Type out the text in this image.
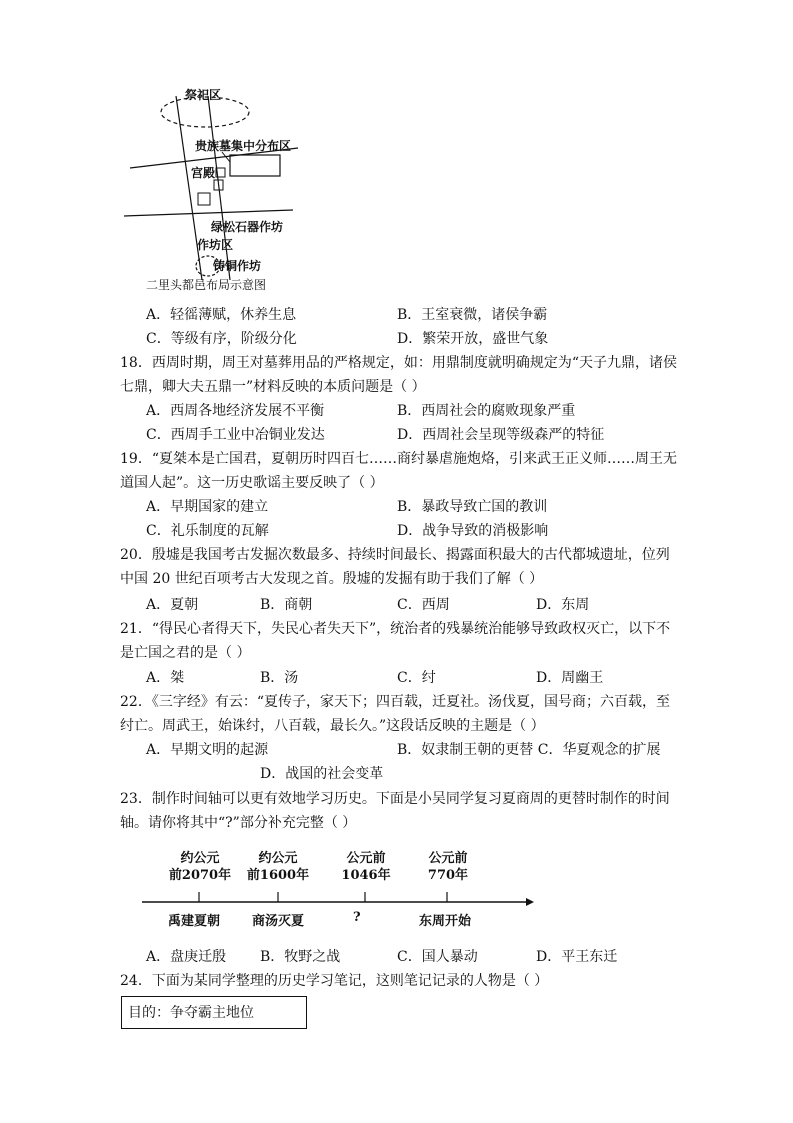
祭祀区
贵族墓集中分布区
宫殿
绿松石器作坊
作坊区
铸铜作坊
二里头都邑布局示意图
A．轻徭薄赋，休养生息	B．王室衰微，诸侯争霸
C．等级有序，阶级分化	D．繁荣开放，盛世气象
18．西周时期，周王对墓葬用品的严格规定，如：用鼎制度就明确规定为“天子九鼎，诸侯
七鼎，卿大夫五鼎一”材料反映的本质问题是（ ）
A．西周各地经济发展不平衡	B．西周社会的腐败现象严重
C．西周手工业中冶铜业发达	D．西周社会呈现等级森严的特征
19．“夏桀本是亡国君，夏朝历时四百七……商纣暴虐施炮烙，引来武王正义师……周王无
道国人起”。这一历史歌谣主要反映了（ ）
A．早期国家的建立	B．暴政导致亡国的教训
C．礼乐制度的瓦解	D．战争导致的消极影响
20．殷墟是我国考古发掘次数最多、持续时间最长、揭露面积最大的古代都城遗址，位列
中国 20 世纪百项考古大发现之首。殷墟的发掘有助于我们了解（ ）
A．夏朝	B．商朝	C．西周	D．东周
21．“得民心者得天下，失民心者失天下”，统治者的残暴统治能够导致政权灭亡，以下不
是亡国之君的是（ ）
A．桀	B．汤	C．纣	D．周幽王
22．《三字经》有云：“夏传子，家天下；四百载，迁夏社。汤伐夏，国号商；六百载，至
纣亡。周武王，始诛纣，八百载，最长久。”这段话反映的主题是（ ）
A．早期文明的起源	B．奴隶制王朝的更替 C．华夏观念的扩展
D．战国的社会变革
23．制作时间轴可以更有效地学习历史。下面是小吴同学复习夏商周的更替时制作的时间
轴。请你将其中“?”部分补充完整（ ）
约公元
前2070年
约公元
前1600年
公元前
1046年
公元前
770年
禹建夏朝 商汤灭夏	?	东周开始
A．盘庚迁殷 B．牧野之战	C．国人暴动	D．平王东迁
24．下面为某同学整理的历史学习笔记，这则笔记记录的人物是（ ）
目的：争夺霸主地位
